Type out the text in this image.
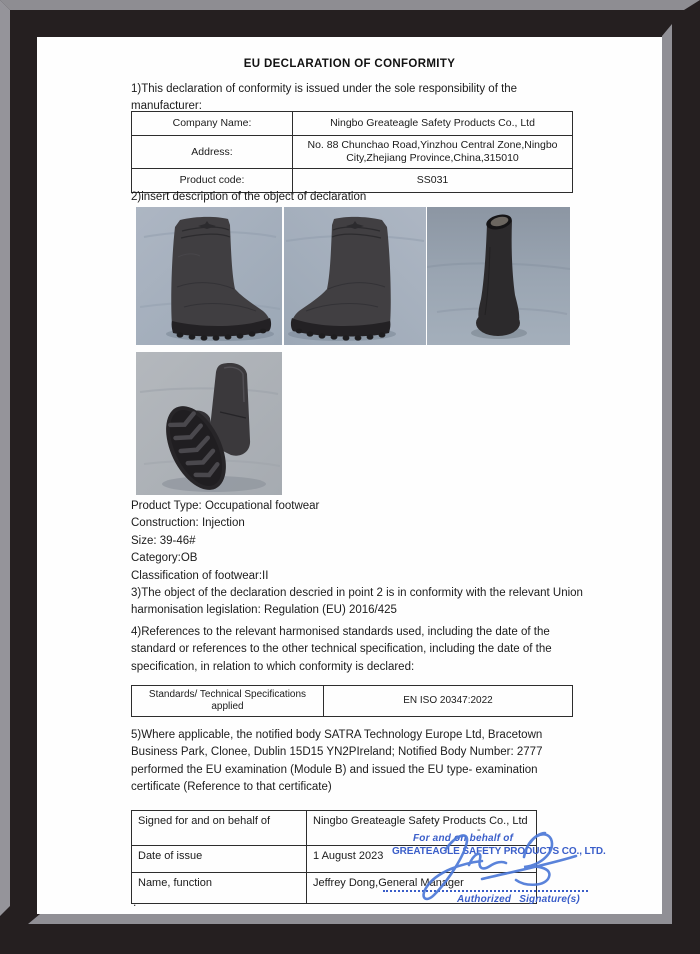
EU DECLARATION OF CONFORMITY
1)This declaration of conformity is issued under the sole responsibility of the manufacturer:
Company Name:	Ningbo Greateagle Safety Products Co., Ltd
Address:	No. 88 Chunchao Road,Yinzhou Central Zone,Ningbo City,Zhejiang Province,China,315010
Product code:	SS031
2)insert description of the object of declaration
Product Type: Occupational footwear
Construction: Injection
Size: 39-46#
Category:OB
Classification of footwear:II
3)The object of the declaration descried in point 2 is in conformity with the relevant Union harmonisation legislation: Regulation (EU) 2016/425
4)References to the relevant harmonised standards used, including the date of the standard or references to the other technical specification, including the date of the specification, in relation to which conformity is declared:
Standards/ Technical Specifications applied	EN ISO 20347:2022
5)Where applicable, the notified body SATRA Technology Europe Ltd, Bracetown Business Park, Clonee, Dublin 15D15 YN2PIreland; Notified Body Number: 2777 performed the EU examination (Module B) and issued the EU type- examination certificate (Reference to that certificate)
Signed for and on behalf of	Ningbo Greateagle Safety Products Co., Ltd
Date of issue	1 August 2023
Name, function	Jeffrey Dong,General Manager
-
For and on behalf of
GREATEAGLE SAFETY PRODUCTS CO., LTD.
Authorized Signature(s)
.
